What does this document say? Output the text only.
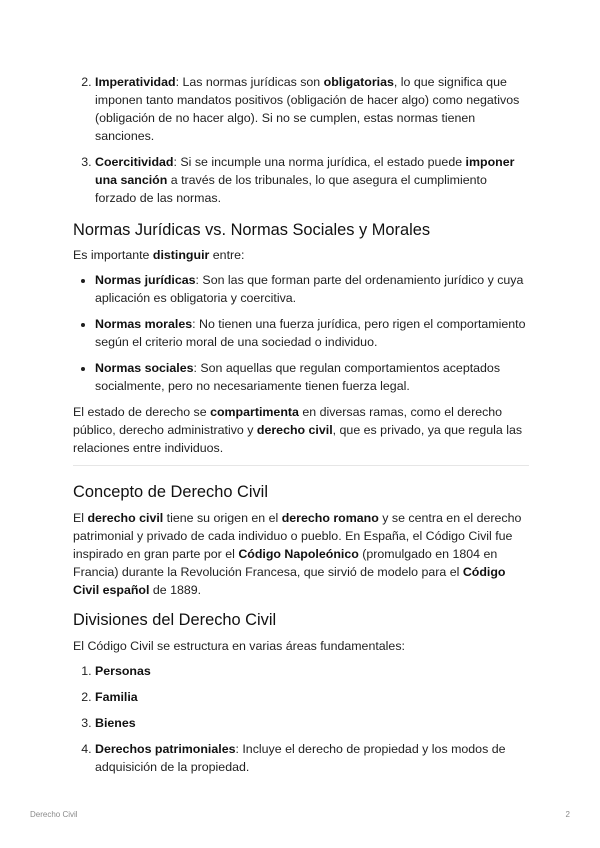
2. Imperatividad: Las normas jurídicas son obligatorias, lo que significa que imponen tanto mandatos positivos (obligación de hacer algo) como negativos (obligación de no hacer algo). Si no se cumplen, estas normas tienen sanciones.
3. Coercitividad: Si se incumple una norma jurídica, el estado puede imponer una sanción a través de los tribunales, lo que asegura el cumplimiento forzado de las normas.
Normas Jurídicas vs. Normas Sociales y Morales

Es importante distinguir entre:

• Normas jurídicas: Son las que forman parte del ordenamiento jurídico y cuya aplicación es obligatoria y coercitiva.
• Normas morales: No tienen una fuerza jurídica, pero rigen el comportamiento según el criterio moral de una sociedad o individuo.
• Normas sociales: Son aquellas que regulan comportamientos aceptados socialmente, pero no necesariamente tienen fuerza legal.

El estado de derecho se compartimenta en diversas ramas, como el derecho público, derecho administrativo y derecho civil, que es privado, ya que regula las relaciones entre individuos.

Concepto de Derecho Civil

El derecho civil tiene su origen en el derecho romano y se centra en el derecho patrimonial y privado de cada individuo o pueblo. En España, el Código Civil fue inspirado en gran parte por el Código Napoleónico (promulgado en 1804 en Francia) durante la Revolución Francesa, que sirvió de modelo para el Código Civil español de 1889.

Divisiones del Derecho Civil

El Código Civil se estructura en varias áreas fundamentales:

1. Personas
2. Familia
3. Bienes
4. Derechos patrimoniales: Incluye el derecho de propiedad y los modos de adquisición de la propiedad.
Derecho Civil	2
